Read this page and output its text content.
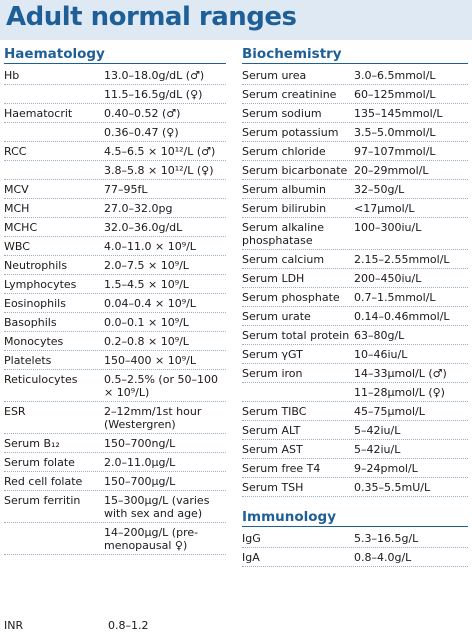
Adult normal ranges
Haematology
Hb	13.0–18.0g/dL (♂)
11.5–16.5g/dL (♀)
Haematocrit	0.40–0.52 (♂)
0.36–0.47 (♀)
RCC	4.5–6.5 × 10¹²/L (♂)
3.8–5.8 × 10¹²/L (♀)
MCV	77–95fL
MCH	27.0–32.0pg
MCHC	32.0–36.0g/dL
WBC	4.0–11.0 × 10⁹/L
Neutrophils	2.0–7.5 × 10⁹/L
Lymphocytes	1.5–4.5 × 10⁹/L
Eosinophils	0.04–0.4 × 10⁹/L
Basophils	0.0–0.1 × 10⁹/L
Monocytes	0.2–0.8 × 10⁹/L
Platelets	150–400 × 10⁹/L
Reticulocytes	0.5–2.5% (or 50–100 × 10⁹/L)
ESR	2–12mm/1st hour (Westergren)
Serum B₁₂	150–700ng/L
Serum folate	2.0–11.0µg/L
Red cell folate	150–700µg/L
Serum ferritin	15–300µg/L (varies with sex and age)
14–200µg/L (pre-menopausal ♀)
INR	0.8–1.2
Biochemistry
Serum urea	3.0–6.5mmol/L
Serum creatinine	60–125mmol/L
Serum sodium	135–145mmol/L
Serum potassium	3.5–5.0mmol/L
Serum chloride	97–107mmol/L
Serum bicarbonate 20–29mmol/L
Serum albumin	32–50g/L
Serum bilirubin	<17µmol/L
Serum alkaline phosphatase
100–300iu/L
Serum calcium	2.15–2.55mmol/L
Serum LDH	200–450iu/L
Serum phosphate	0.7–1.5mmol/L
Serum urate	0.14–0.46mmol/L
Serum total protein 63–80g/L
Serum γGT	10–46iu/L
Serum iron	14–33µmol/L (♂)
11–28µmol/L (♀)
Serum TIBC	45–75µmol/L
Serum ALT	5–42iu/L
Serum AST	5–42iu/L
Serum free T4	9–24pmol/L
Serum TSH	0.35–5.5mU/L
Immunology
IgG	5.3–16.5g/L
IgA	0.8–4.0g/L
